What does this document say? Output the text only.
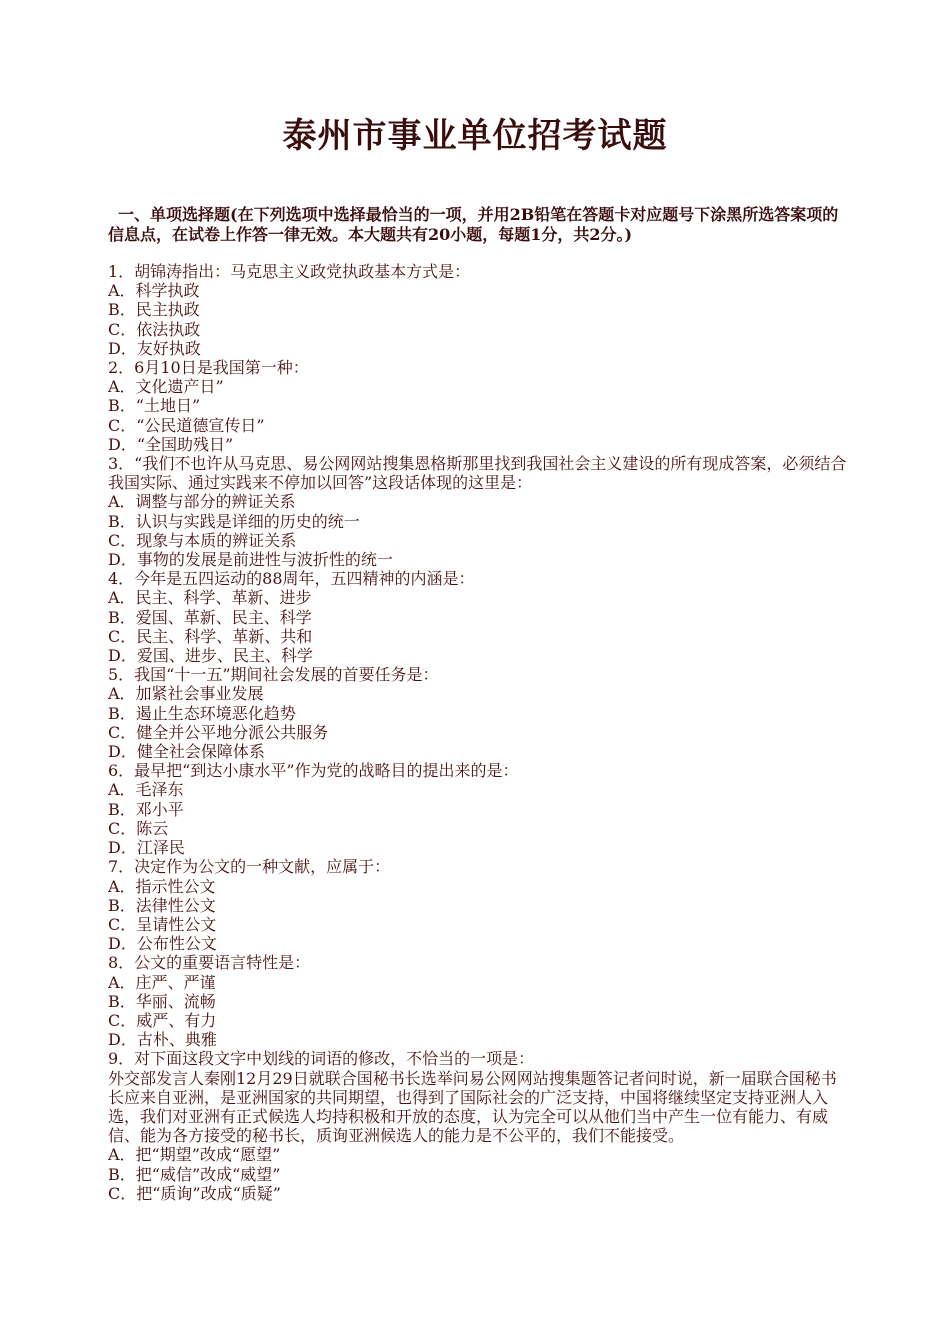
泰州市事业单位招考试题

一、单项选择题(在下列选项中选择最恰当的一项，并用2B铅笔在答题卡对应题号下涂黑所选答案项的信息点，在试卷上作答一律无效。本大题共有20小题，每题1分，共2分。)

1．胡锦涛指出：马克思主义政党执政基本方式是：
A．科学执政
B．民主执政
C．依法执政
D．友好执政
2．6月10日是我国第一种：
A．文化遗产日”
B．“土地日”
C．“公民道德宣传日”
D．“全国助残日”
3．“我们不也许从马克思、易公网网站搜集恩格斯那里找到我国社会主义建设的所有现成答案，必须结合我国实际、通过实践来不停加以回答”这段话体现的这里是：
A．调整与部分的辨证关系
B．认识与实践是详细的历史的统一
C．现象与本质的辨证关系
D．事物的发展是前进性与波折性的统一
4．今年是五四运动的88周年，五四精神的内涵是：
A．民主、科学、革新、进步
B．爱国、革新、民主、科学
C．民主、科学、革新、共和
D．爱国、进步、民主、科学
5．我国“十一五”期间社会发展的首要任务是：
A．加紧社会事业发展
B．遏止生态环境恶化趋势
C．健全并公平地分派公共服务
D．健全社会保障体系
6．最早把“到达小康水平”作为党的战略目的提出来的是：
A．毛泽东
B．邓小平
C．陈云
D．江泽民
7．决定作为公文的一种文献，应属于：
A．指示性公文
B．法律性公文
C．呈请性公文
D．公布性公文
8．公文的重要语言特性是：
A．庄严、严谨
B．华丽、流畅
C．威严、有力
D．古朴、典雅
9．对下面这段文字中划线的词语的修改，不恰当的一项是：
外交部发言人秦刚12月29日就联合国秘书长选举问易公网网站搜集题答记者问时说，新一届联合国秘书长应来自亚洲，是亚洲国家的共同期望，也得到了国际社会的广泛支持，中国将继续坚定支持亚洲人入选，我们对亚洲有正式候选人均持积极和开放的态度，认为完全可以从他们当中产生一位有能力、有威信、能为各方接受的秘书长，质询亚洲候选人的能力是不公平的，我们不能接受。
A．把“期望”改成“愿望”
B．把“威信”改成“威望”
C．把“质询”改成“质疑”
